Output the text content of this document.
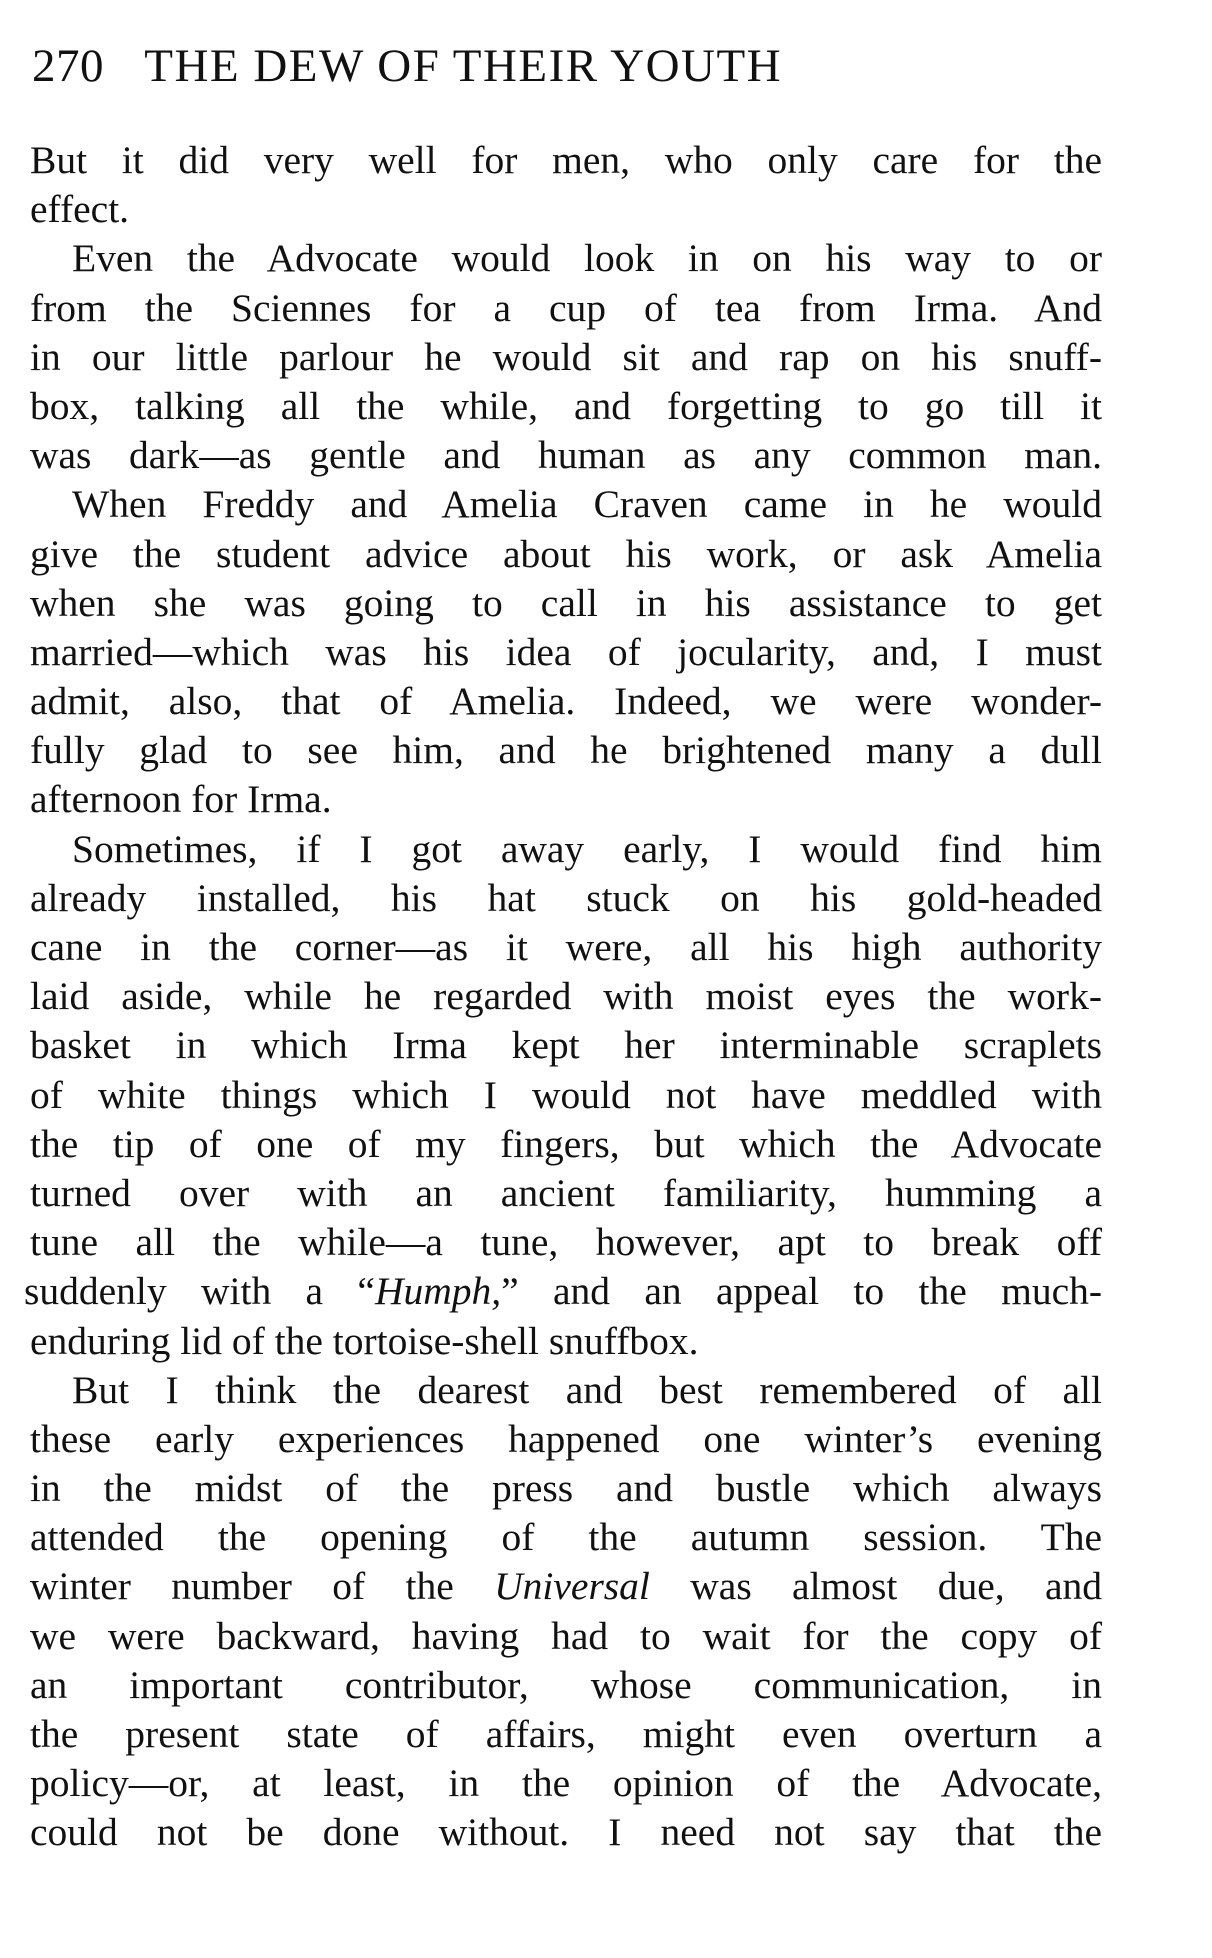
270 THE DEW OF THEIR YOUTH
But it did very well for men, who only care for the
effect.
Even the Advocate would look in on his way to or
from the Sciennes for a cup of tea from Irma. And
in our little parlour he would sit and rap on his snuff-
box, talking all the while, and forgetting to go till it
was dark—as gentle and human as any common man.
When Freddy and Amelia Craven came in he would
give the student advice about his work, or ask Amelia
when she was going to call in his assistance to get
married—which was his idea of jocularity, and, I must
admit, also, that of Amelia. Indeed, we were wonder-
fully glad to see him, and he brightened many a dull
afternoon for Irma.
Sometimes, if I got away early, I would find him
already installed, his hat stuck on his gold-headed
cane in the corner—as it were, all his high authority
laid aside, while he regarded with moist eyes the work-
basket in which Irma kept her interminable scraplets
of white things which I would not have meddled with
the tip of one of my fingers, but which the Advocate
turned over with an ancient familiarity, humming a
tune all the while—a tune, however, apt to break off
suddenly with a “Humph,” and an appeal to the much-
enduring lid of the tortoise-shell snuffbox.
But I think the dearest and best remembered of all
these early experiences happened one winter’s evening
in the midst of the press and bustle which always
attended the opening of the autumn session. The
winter number of the Universal was almost due, and
we were backward, having had to wait for the copy of
an important contributor, whose communication, in
the present state of affairs, might even overturn a
policy—or, at least, in the opinion of the Advocate,
could not be done without. I need not say that the
